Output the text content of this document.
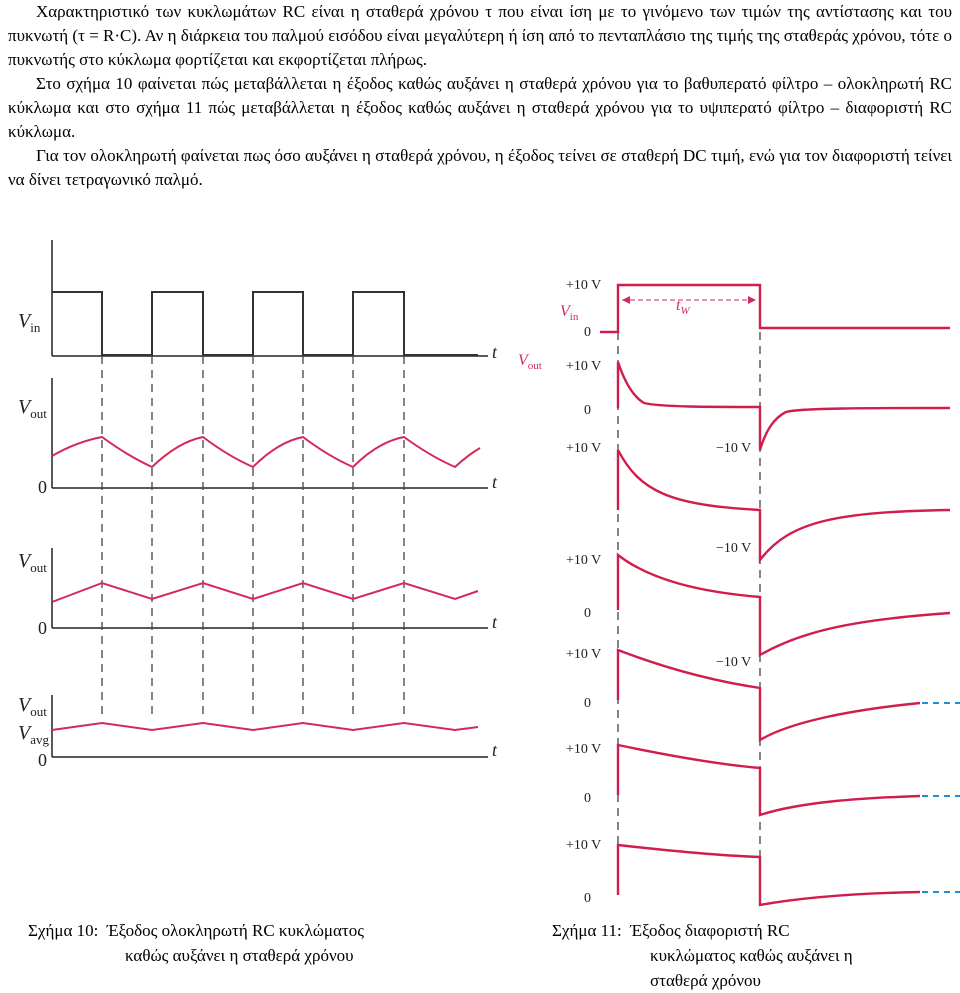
Χαρακτηριστικό των κυκλωμάτων RC είναι η σταθερά χρόνου τ που είναι ίση με το γινόμενο των τιμών της αντίστασης και του πυκνωτή (τ = R·C). Αν η διάρκεια του παλμού εισόδου είναι μεγαλύτερη ή ίση από το πενταπλάσιο της τιμής της σταθεράς χρόνου, τότε ο πυκνωτής στο κύκλωμα φορτίζεται και εκφορτίζεται πλήρως.

Στο σχήμα 10 φαίνεται πώς μεταβάλλεται η έξοδος καθώς αυξάνει η σταθερά χρόνου για το βαθυπερατό φίλτρο – ολοκληρωτή RC κύκλωμα και στο σχήμα 11 πώς μεταβάλλεται η έξοδος καθώς αυξάνει η σταθερά χρόνου για το υψιπερατό φίλτρο – διαφοριστή RC κύκλωμα.

Για τον ολοκληρωτή φαίνεται πως όσο αυξάνει η σταθερά χρόνου, η έξοδος τείνει σε σταθερή DC τιμή, ενώ για τον διαφοριστή τείνει να δίνει τετραγωνικό παλμό.

$V_{in}$
t
$V_{out}$
0	t
$V_{out}$
0	t
$V_{out}$
$V_{avg}$
0	t
+10 V
$V_{in}$
0
$V_{out} +10$ V
0
+10 V	−10 V
−10 V
+10 V
0
+10 V
−10 V
0
+10 V
0
+10 V
0
$t_W$
Σχήμα 10: Έξοδος ολοκληρωτή RC κυκλώματος
καθώς αυξάνει η σταθερά χρόνου
Σχήμα 11: Έξοδος διαφοριστή RC
κυκλώματος καθώς αυξάνει η
σταθερά χρόνου
